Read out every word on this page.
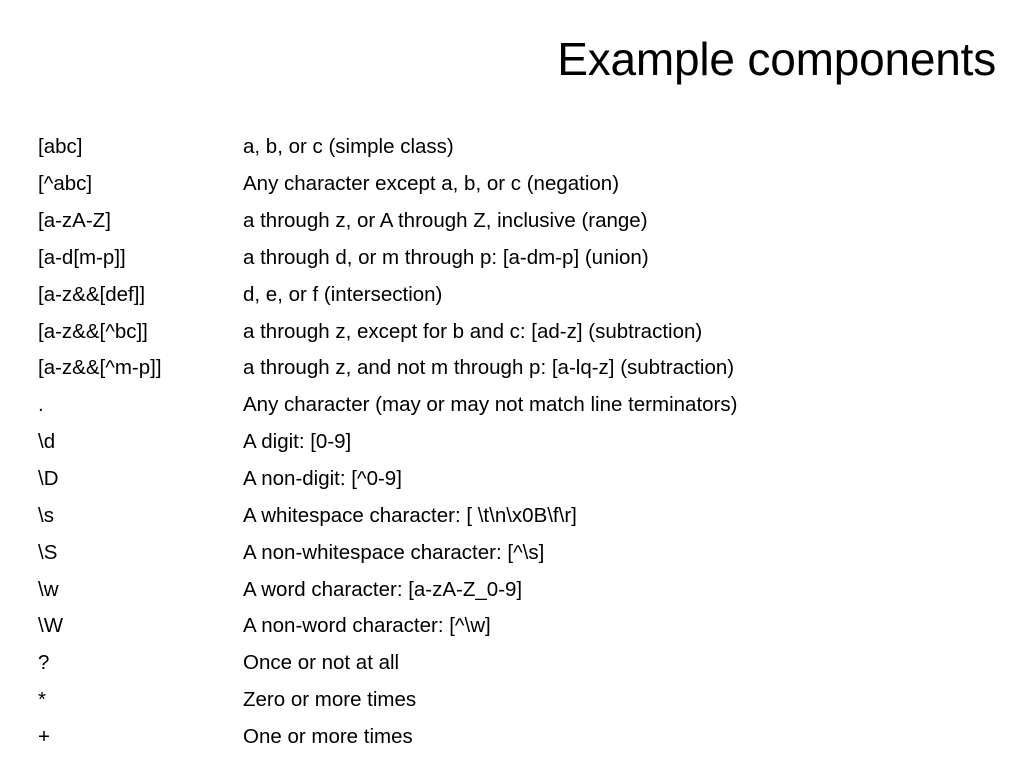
Example components
[abc]	a, b, or c (simple class)
[^abc]	Any character except a, b, or c (negation)
[a-zA-Z]	a through z, or A through Z, inclusive (range)
[a-d[m-p]]	a through d, or m through p: [a-dm-p] (union)
[a-z&&[def]]	d, e, or f (intersection)
[a-z&&[^bc]]	a through z, except for b and c: [ad-z] (subtraction)
[a-z&&[^m-p]]	a through z, and not m through p: [a-lq-z] (subtraction)
.	Any character (may or may not match line terminators)
\d	A digit: [0-9]
\D	A non-digit: [^0-9]
\s	A whitespace character: [ \t\n\x0B\f\r]
\S	A non-whitespace character: [^\s]
\w	A word character: [a-zA-Z_0-9]
\W	A non-word character: [^\w]
?	Once or not at all
*	Zero or more times
+	One or more times
